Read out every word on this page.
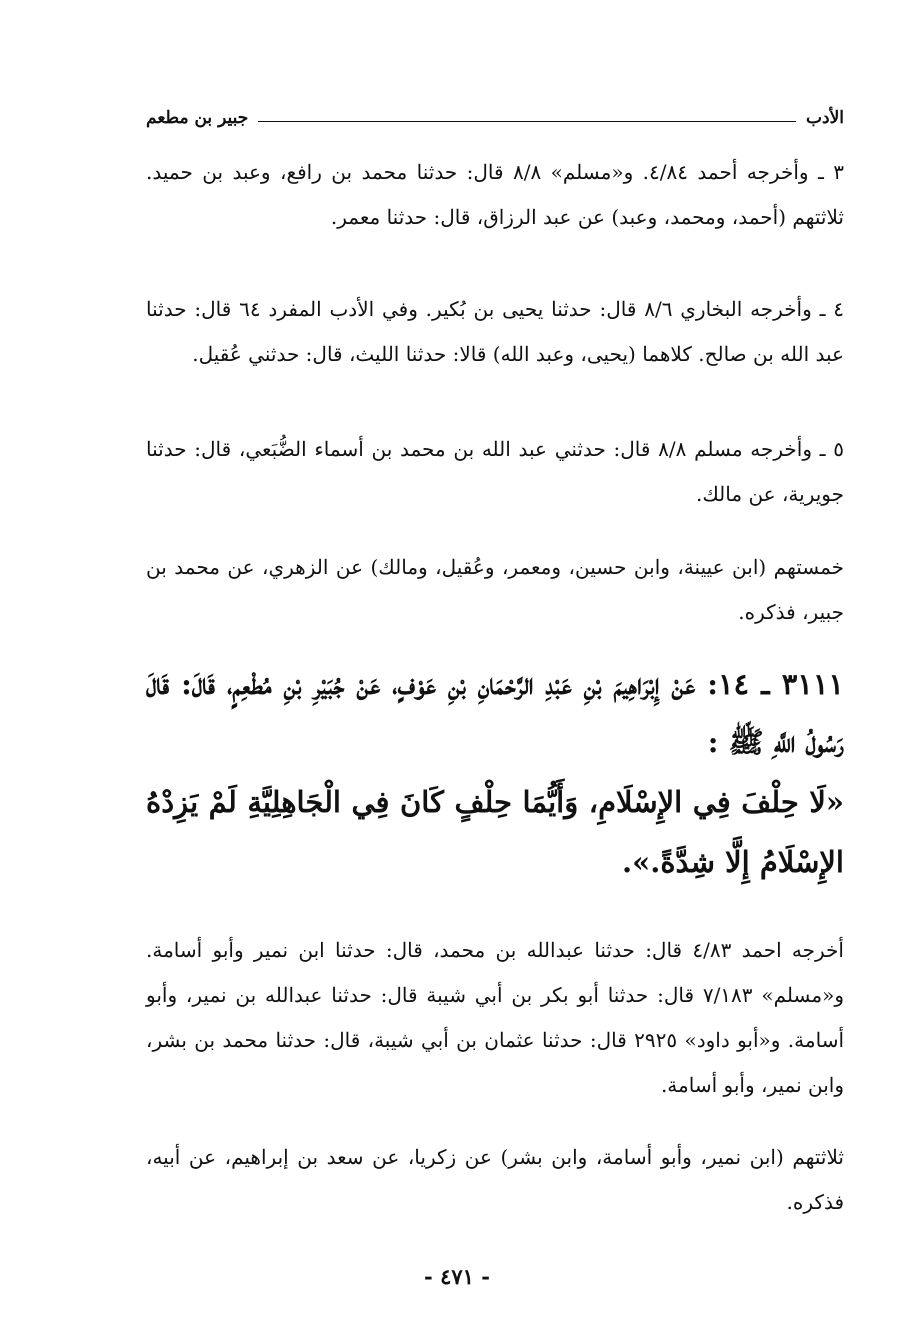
الأدب
جبير بن مطعم

٣ ـ وأخرجه أحمد ٤/٨٤. و«مسلم» ٨/٨ قال: حدثنا محمد بن رافع، وعبد بن حميد. ثلاثتهم (أحمد، ومحمد، وعبد) عن عبد الرزاق، قال: حدثنا معمر.

٤ ـ وأخرجه البخاري ٨/٦ قال: حدثنا يحيى بن بُكير. وفي الأدب المفرد ٦٤ قال: حدثنا عبد الله بن صالح. كلاهما (يحيى، وعبد الله) قالا: حدثنا الليث، قال: حدثني عُقيل.

٥ ـ وأخرجه مسلم ٨/٨ قال: حدثني عبد الله بن محمد بن أسماء الضُّبَعي، قال: حدثنا جويرية، عن مالك.

خمستهم (ابن عيينة، وابن حسين، ومعمر، وعُقيل، ومالك) عن الزهري، عن محمد بن جبير، فذكره.

٣١١١ ـ ١٤: عَنْ إِبْرَاهِيمَ بْنِ عَبْدِ الرَّحْمَانِ بْنِ عَوْفٍ، عَنْ جُبَيْرِ بْنِ مُطْعِمٍ، قَالَ: قَالَ رَسُولُ اللَّهِ ﷺ :

«لَا حِلْفَ فِي الإِسْلَامِ، وَأَيُّمَا حِلْفٍ كَانَ فِي الْجَاهِلِيَّةِ لَمْ يَزِدْهُ الإِسْلَامُ إِلَّا شِدَّةً.».

أخرجه احمد ٤/٨٣ قال: حدثنا عبدالله بن محمد، قال: حدثنا ابن نمير وأبو أسامة. و«مسلم» ٧/١٨٣ قال: حدثنا أبو بكر بن أبي شيبة قال: حدثنا عبدالله بن نمير، وأبو أسامة. و«أبو داود» ٢٩٢٥ قال: حدثنا عثمان بن أبي شيبة، قال: حدثنا محمد بن بشر، وابن نمير، وأبو أسامة.

ثلاثتهم (ابن نمير، وأبو أسامة، وابن بشر) عن زكريا، عن سعد بن إبراهيم، عن أبيه، فذكره.

- ٤٧١ -
